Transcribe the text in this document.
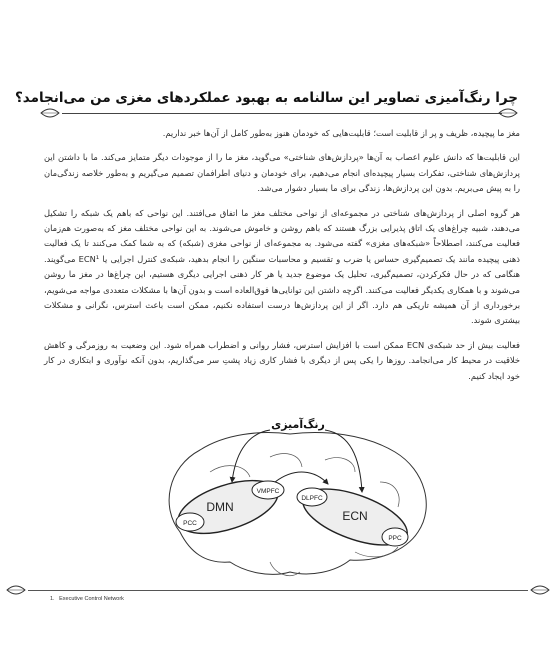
چرا رنگ‌آمیزی تصاویر این سالنامه به بهبود عملکردهای مغزی من می‌انجامد؟

مغز ما پیچیده، ظریف و پر از قابلیت است؛ قابلیت‌هایی که خودمان هنوز به‌طور کامل از آن‌ها خبر نداریم.

این قابلیت‌ها که دانش علوم اعصاب به آن‌ها «پردازش‌های شناختی» می‌گوید، مغز ما را از موجودات دیگر متمایز می‌کند. ما با داشتن این پردازش‌های شناختی، تفکرات بسیار پیچیده‌ای انجام می‌دهیم، برای خودمان و دنیای اطرافمان تصمیم می‌گیریم و به‌طور خلاصه زندگی‌مان را به پیش می‌بریم. بدون این پردازش‌ها، زندگی برای ما بسیار دشوار می‌شد.

هر گروه اصلی از پردازش‌های شناختی در مجموعه‌ای از نواحی مختلف مغز ما اتفاق می‌افتند. این نواحی که باهم یک شبکه را تشکیل می‌دهند، شبیه چراغ‌های یک اتاق پذیرایی بزرگ هستند که باهم روشن و خاموش می‌شوند. به این نواحی مختلف مغز که به‌صورت هم‌زمان فعالیت می‌کنند، اصطلاحاً «شبکه‌های مغزی» گفته می‌شود. به مجموعه‌ای از نواحی مغزی (شبکه) که به شما کمک می‌کنند تا یک فعالیت ذهنی پیچیده مانند یک تصمیم‌گیری حساس یا ضرب و تقسیم و محاسبات سنگین را انجام بدهید، شبکه‌ی کنترل اجرایی یا ECN¹ می‌گویند. هنگامی که در حال فکرکردن، تصمیم‌گیری، تحلیل یک موضوع جدید یا هر کار ذهنی اجرایی دیگری هستیم، این چراغ‌ها در مغز ما روشن می‌شوند و با همکاری یکدیگر فعالیت می‌کنند. اگرچه داشتن این توانایی‌ها فوق‌العاده است و بدون آن‌ها با مشکلات متعددی مواجه می‌شویم، برخورداری از آن همیشه تاریکی هم دارد. اگر از این پردازش‌ها درست استفاده نکنیم، ممکن است باعث استرس، نگرانی و مشکلات بیشتری شوند.

فعالیت بیش از حد شبکه‌ی ECN ممکن است با افزایش استرس، فشار روانی و اضطراب همراه شود. این وضعیت به روزمرگی و کاهش خلاقیت در محیط کار می‌انجامد. روزها را یکی پس از دیگری با فشار کاری زیاد پشتِ سر می‌گذاریم، بدون آنکه نوآوری و ابتکاری در کار خود ایجاد کنیم.

DMN
PCC
VMPFC
ECN
DLPFC
PPC
رنگ‌آمیزی
1. Executive Control Network
